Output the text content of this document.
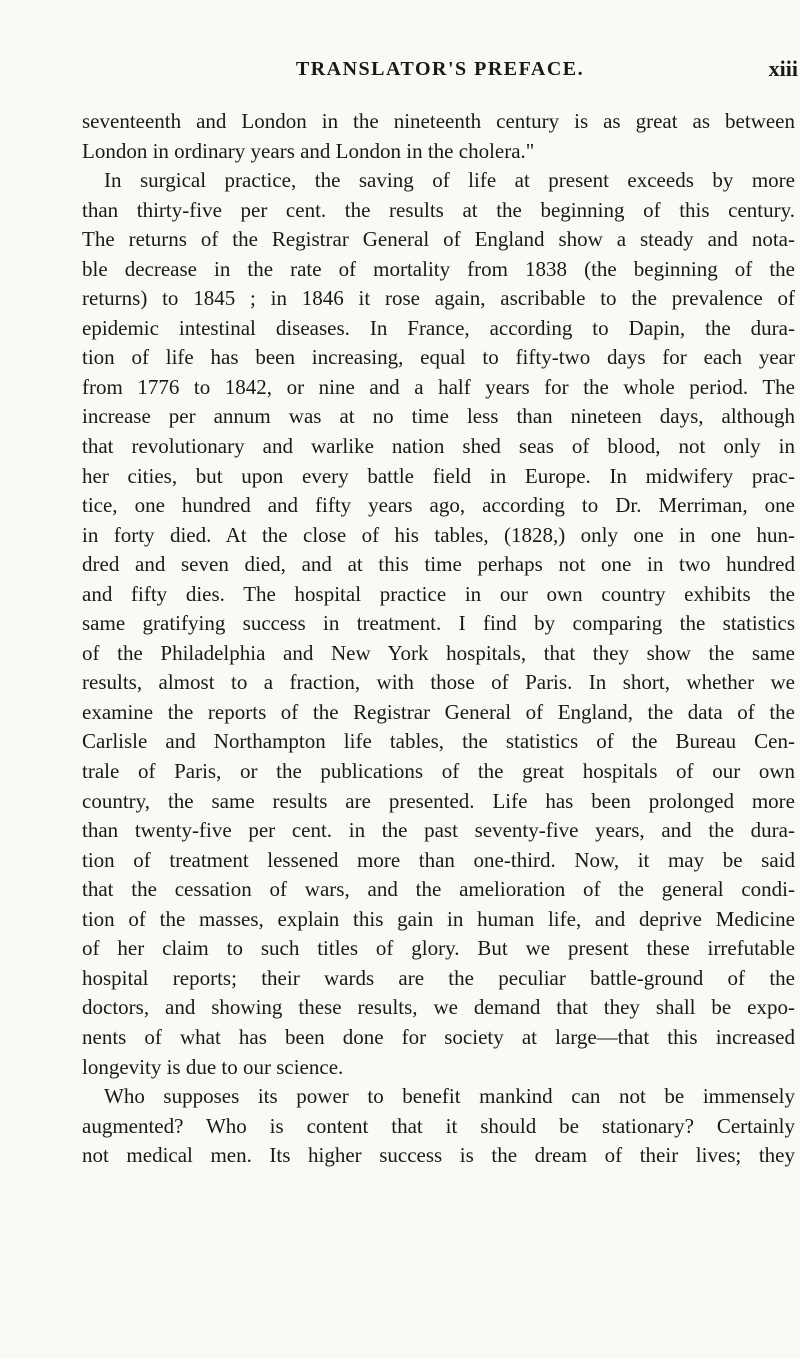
TRANSLATOR'S PREFACE.	xiii
seventeenth and London in the nineteenth century is as great as between
London in ordinary years and London in the cholera."
In surgical practice, the saving of life at present exceeds by more
than thirty-five per cent. the results at the beginning of this century.
The returns of the Registrar General of England show a steady and nota-
ble decrease in the rate of mortality from 1838 (the beginning of the
returns) to 1845 ; in 1846 it rose again, ascribable to the prevalence of
epidemic intestinal diseases. In France, according to Dapin, the dura-
tion of life has been increasing, equal to fifty-two days for each year
from 1776 to 1842, or nine and a half years for the whole period. The
increase per annum was at no time less than nineteen days, although
that revolutionary and warlike nation shed seas of blood, not only in
her cities, but upon every battle field in Europe. In midwifery prac-
tice, one hundred and fifty years ago, according to Dr. Merriman, one
in forty died. At the close of his tables, (1828,) only one in one hun-
dred and seven died, and at this time perhaps not one in two hundred
and fifty dies. The hospital practice in our own country exhibits the
same gratifying success in treatment. I find by comparing the statistics
of the Philadelphia and New York hospitals, that they show the same
results, almost to a fraction, with those of Paris. In short, whether we
examine the reports of the Registrar General of England, the data of the
Carlisle and Northampton life tables, the statistics of the Bureau Cen-
trale of Paris, or the publications of the great hospitals of our own
country, the same results are presented. Life has been prolonged more
than twenty-five per cent. in the past seventy-five years, and the dura-
tion of treatment lessened more than one-third. Now, it may be said
that the cessation of wars, and the amelioration of the general condi-
tion of the masses, explain this gain in human life, and deprive Medicine
of her claim to such titles of glory. But we present these irrefutable
hospital reports; their wards are the peculiar battle-ground of the
doctors, and showing these results, we demand that they shall be expo-
nents of what has been done for society at large—that this increased
longevity is due to our science.
Who supposes its power to benefit mankind can not be immensely
augmented? Who is content that it should be stationary? Certainly
not medical men. Its higher success is the dream of their lives; they
